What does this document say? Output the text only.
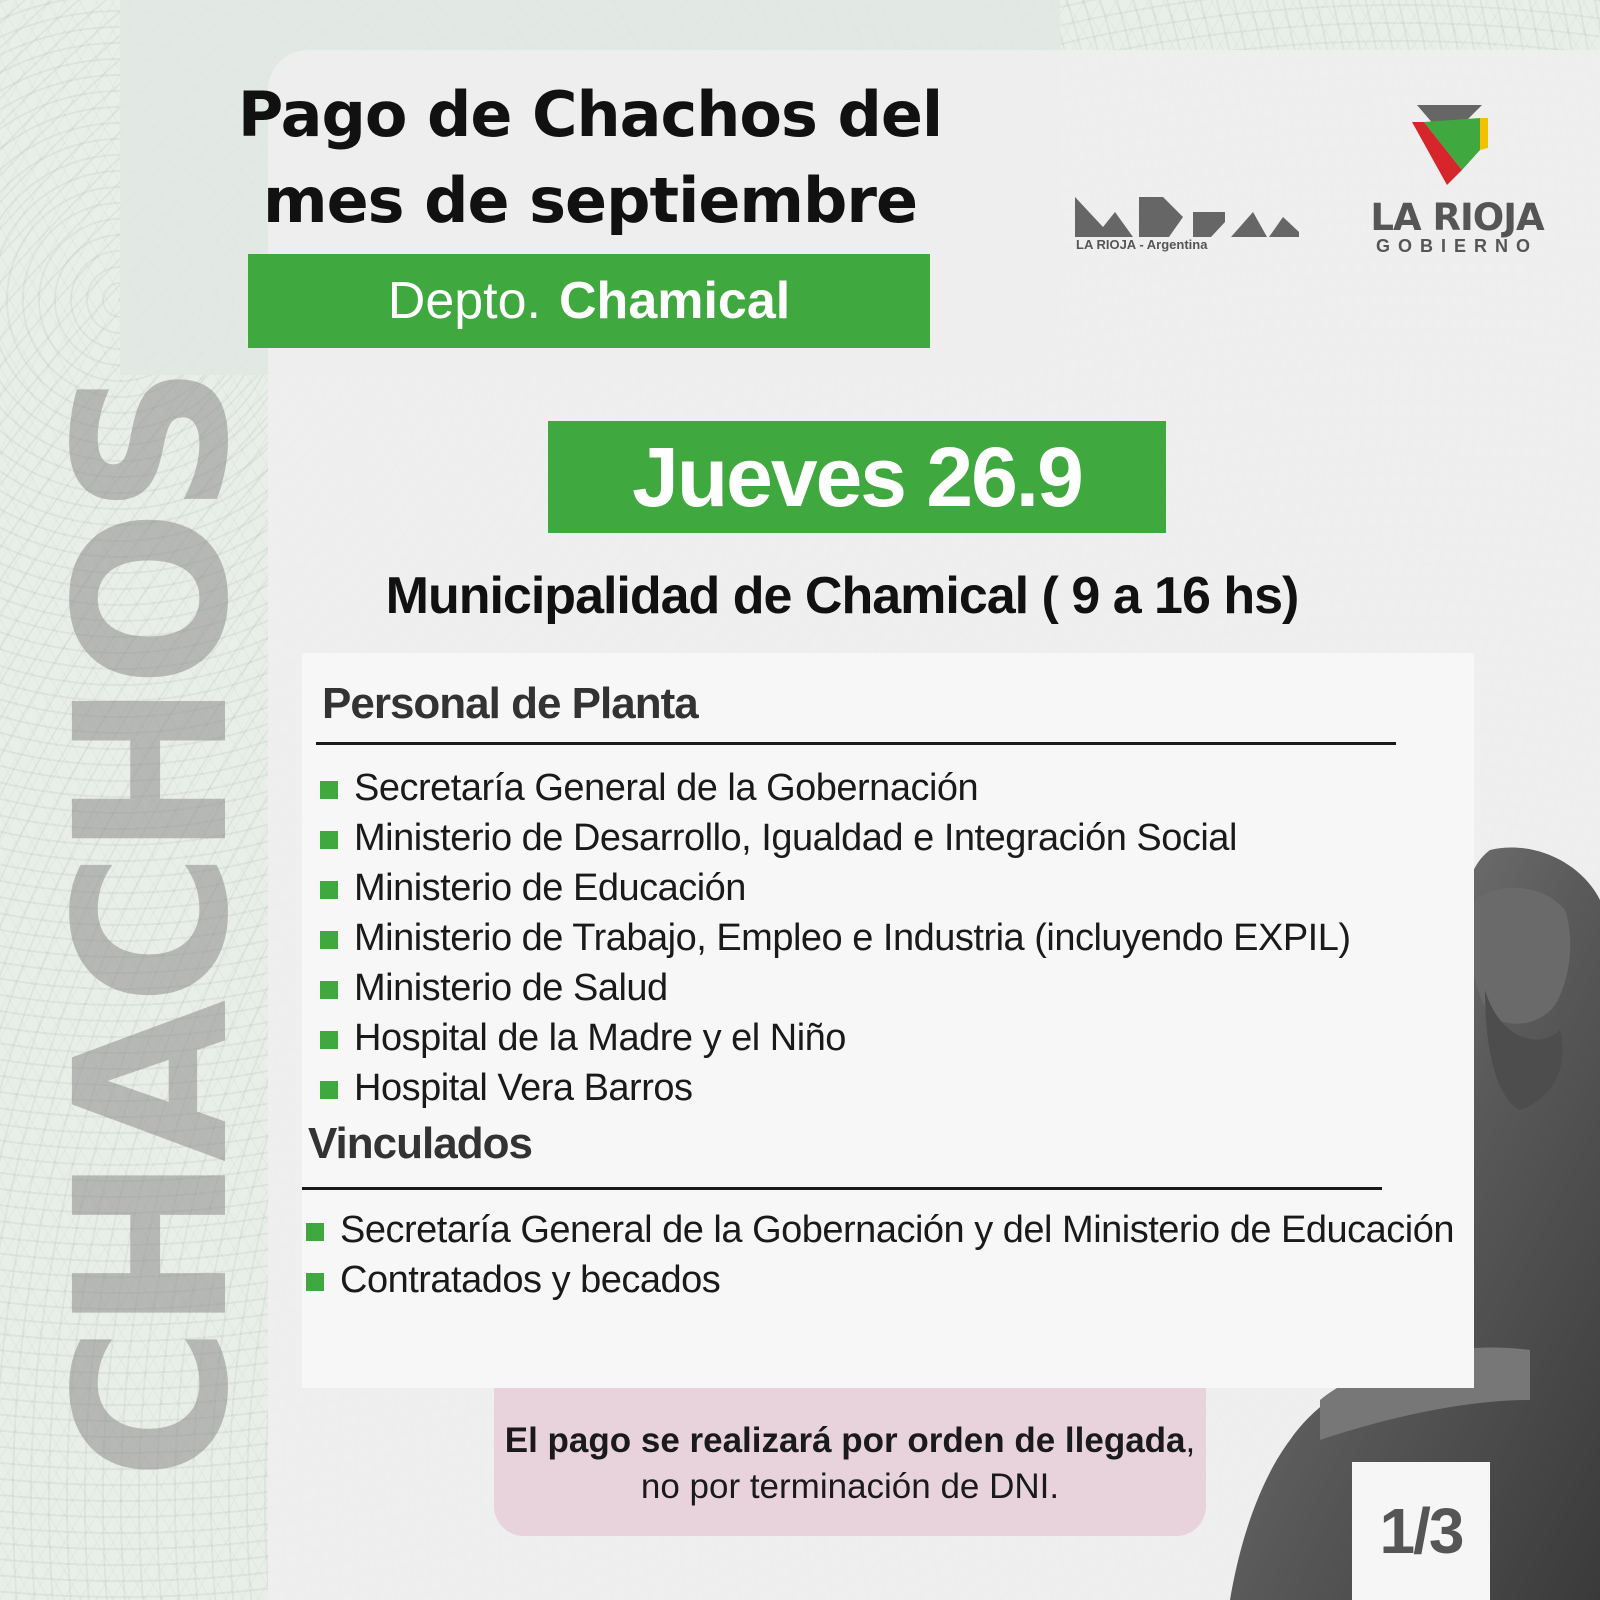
CHACHOS
Pago de Chachos del
mes de septiembre
Depto. Chamical
LA RIOJA - Argentina
LA RIOJA
GOBIERNO
Jueves 26.9
Municipalidad de Chamical ( 9 a 16 hs)
Personal de Planta
Secretaría General de la Gobernación
Ministerio de Desarrollo, Igualdad e Integración Social
Ministerio de Educación
Ministerio de Trabajo, Empleo e Industria (incluyendo EXPIL)
Ministerio de Salud
Hospital de la Madre y el Niño
Hospital Vera Barros
Vinculados
Secretaría General de la Gobernación y del Ministerio de Educación
Contratados y becados
El pago se realizará por orden de llegada,
no por terminación de DNI.
1/3
